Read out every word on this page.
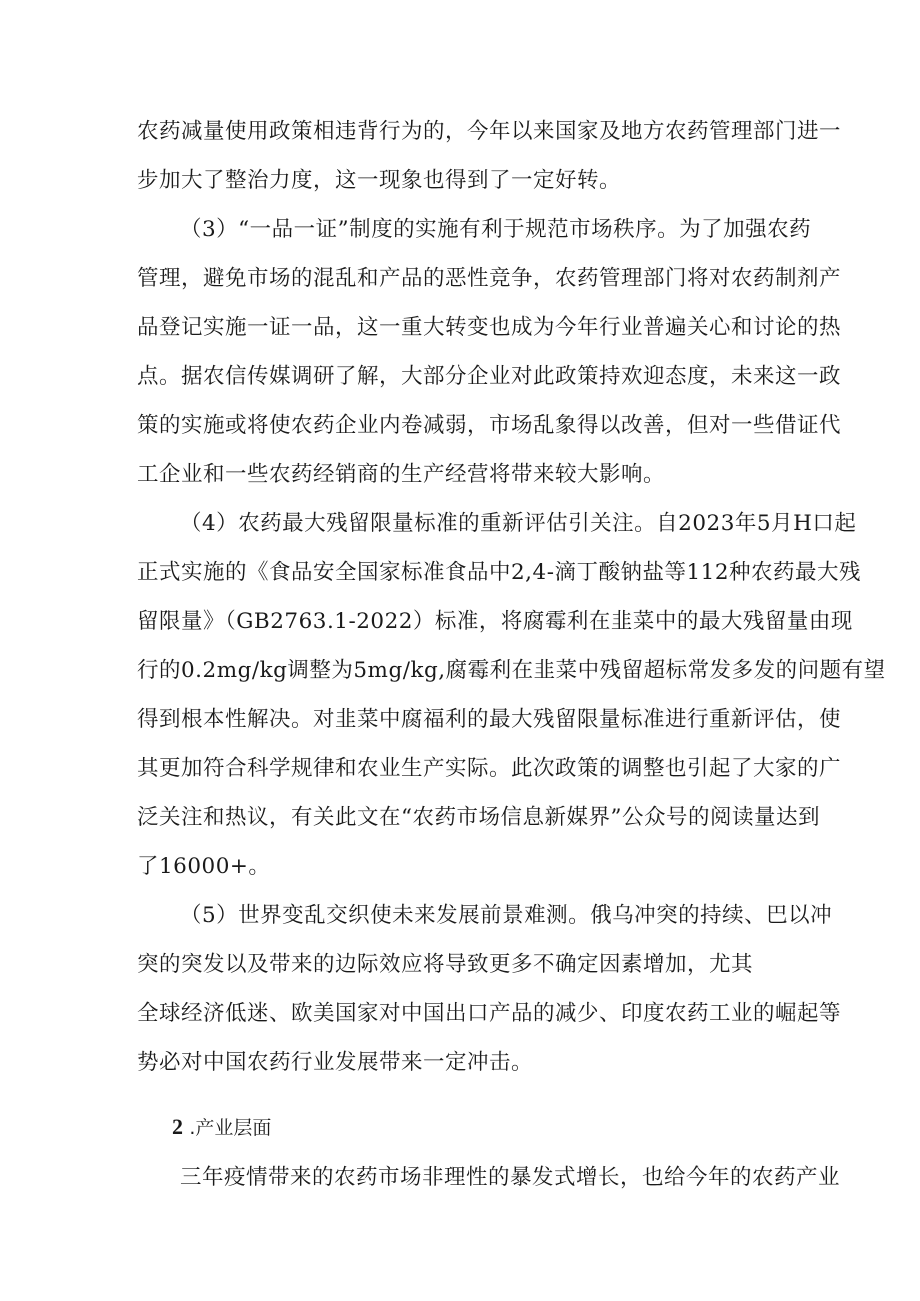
农药减量使用政策相违背行为的，今年以来国家及地方农药管理部门进一
步加大了整治力度，这一现象也得到了一定好转。
（3）“一品一证”制度的实施有利于规范市场秩序。为了加强农药
管理，避免市场的混乱和产品的恶性竞争，农药管理部门将对农药制剂产
品登记实施一证一品，这一重大转变也成为今年行业普遍关心和讨论的热
点。据农信传媒调研了解，大部分企业对此政策持欢迎态度，未来这一政
策的实施或将使农药企业内卷减弱，市场乱象得以改善，但对一些借证代
工企业和一些农药经销商的生产经营将带来较大影响。
（4）农药最大残留限量标准的重新评估引关注。自2023年5月H口起
正式实施的《食品安全国家标准食品中2,4-滴丁酸钠盐等112种农药最大残
留限量》（GB2763.1-2022）标准，将腐霉利在韭菜中的最大残留量由现
行的0.2mg/kg调整为5mg/kg,腐霉利在韭菜中残留超标常发多发的问题有望
得到根本性解决。对韭菜中腐福利的最大残留限量标准进行重新评估，使
其更加符合科学规律和农业生产实际。此次政策的调整也引起了大家的广
泛关注和热议，有关此文在“农药市场信息新媒界”公众号的阅读量达到
了16000+。
（5）世界变乱交织使未来发展前景难测。俄乌冲突的持续、巴以冲
突的突发以及带来的边际效应将导致更多不确定因素增加，尤其
全球经济低迷、欧美国家对中国出口产品的减少、印度农药工业的崛起等
势必对中国农药行业发展带来一定冲击。
2 .产业层面
三年疫情带来的农药市场非理性的暴发式增长，也给今年的农药产业
